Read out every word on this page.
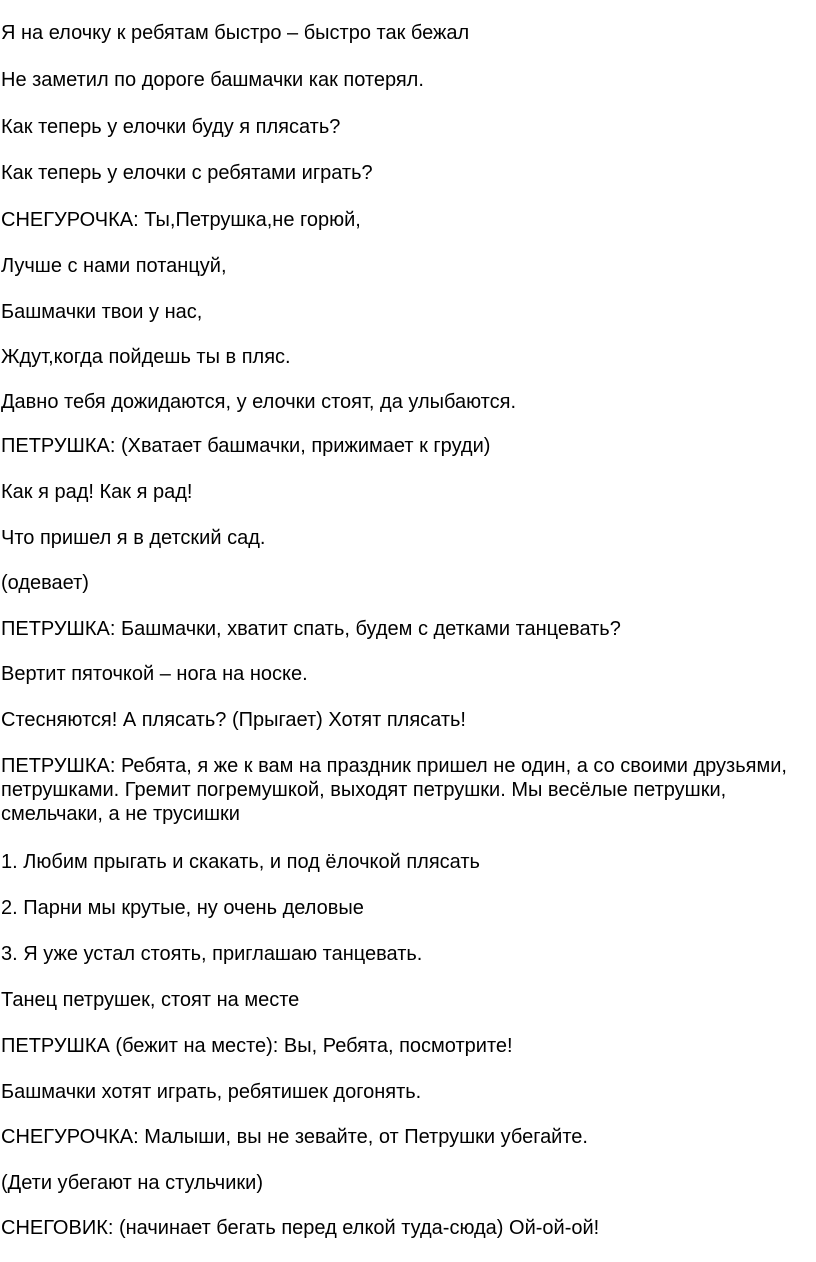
Я на елочку к ребятам быстро – быстро так бежал
Не заметил по дороге башмачки как потерял.
Как теперь у елочки буду я плясать?
Как теперь у елочки с ребятами играть?
СНЕГУРОЧКА: Ты,Петрушка,не горюй,
Лучше с нами потанцуй,
Башмачки твои у нас,
Ждут,когда пойдешь ты в пляс.
Давно тебя дожидаются, у елочки стоят, да улыбаются.
ПЕТРУШКА: (Хватает башмачки, прижимает к груди)
Как я рад! Как я рад!
Что пришел я в детский сад.
(одевает)
ПЕТРУШКА: Башмачки, хватит спать, будем с детками танцевать?
Вертит пяточкой – нога на носке.
Стесняются! А плясать? (Прыгает) Хотят плясать!
ПЕТРУШКА: Ребята, я же к вам на праздник пришел не один, а со своими друзьями, петрушками. Гремит погремушкой, выходят петрушки. Мы весёлые петрушки, смельчаки, а не трусишки
1. Любим прыгать и скакать, и под ёлочкой плясать
2. Парни мы крутые, ну очень деловые
3. Я уже устал стоять, приглашаю танцевать.
Танец петрушек, стоят на месте
ПЕТРУШКА (бежит на месте): Вы, Ребята, посмотрите!
Башмачки хотят играть, ребятишек догонять.
СНЕГУРОЧКА: Малыши, вы не зевайте, от Петрушки убегайте.
(Дети убегают на стульчики)
СНЕГОВИК: (начинает бегать перед елкой туда-сюда) Ой-ой-ой!
